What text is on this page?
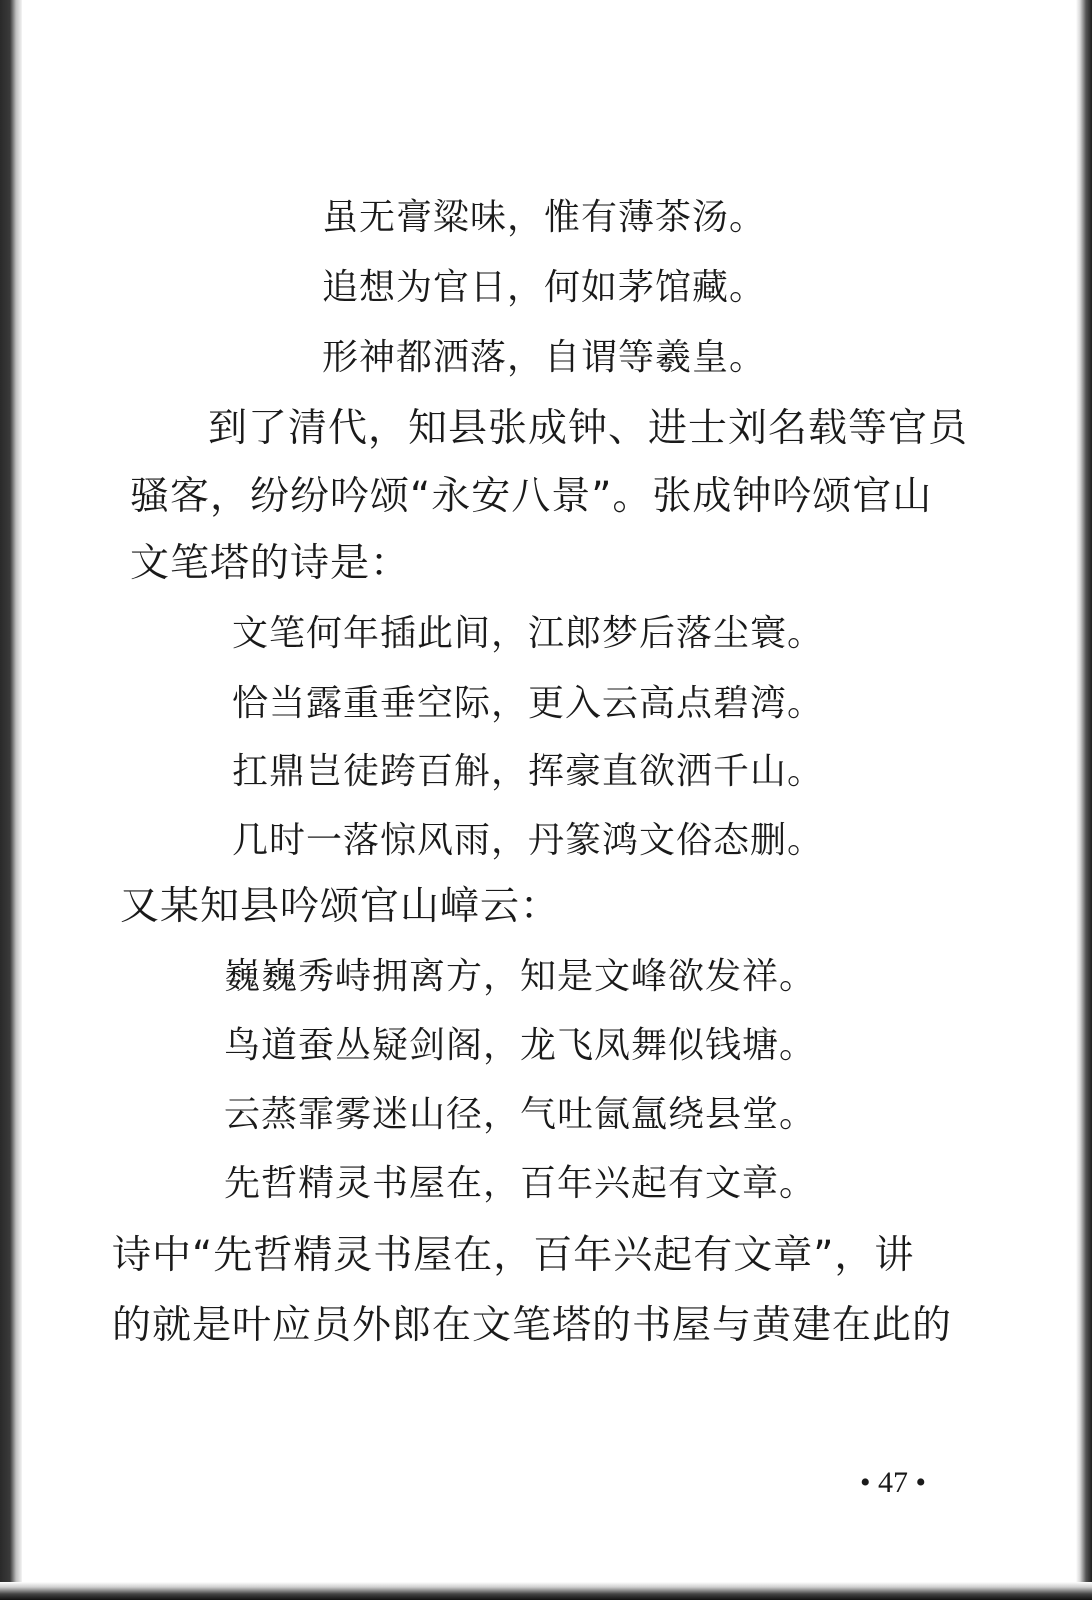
虽无膏粱味，惟有薄茶汤。
追想为官日，何如茅馆藏。
形神都洒落，自谓等羲皇。
到了清代，知县张成钟、进士刘名载等官员
骚客，纷纷吟颂“永安八景”。张成钟吟颂官山
文笔塔的诗是：
文笔何年插此间，江郎梦后落尘寰。
恰当露重垂空际，更入云高点碧湾。
扛鼎岂徒跨百斛，挥豪直欲洒千山。
几时一落惊风雨，丹篆鸿文俗态删。
又某知县吟颂官山嶂云：
巍巍秀峙拥离方，知是文峰欲发祥。
鸟道蚕丛疑剑阁，龙飞凤舞似钱塘。
云蒸霏雾迷山径，气吐氤氲绕县堂。
先哲精灵书屋在，百年兴起有文章。
诗中“先哲精灵书屋在，百年兴起有文章”，讲
的就是叶应员外郎在文笔塔的书屋与黄建在此的
• 47 •
